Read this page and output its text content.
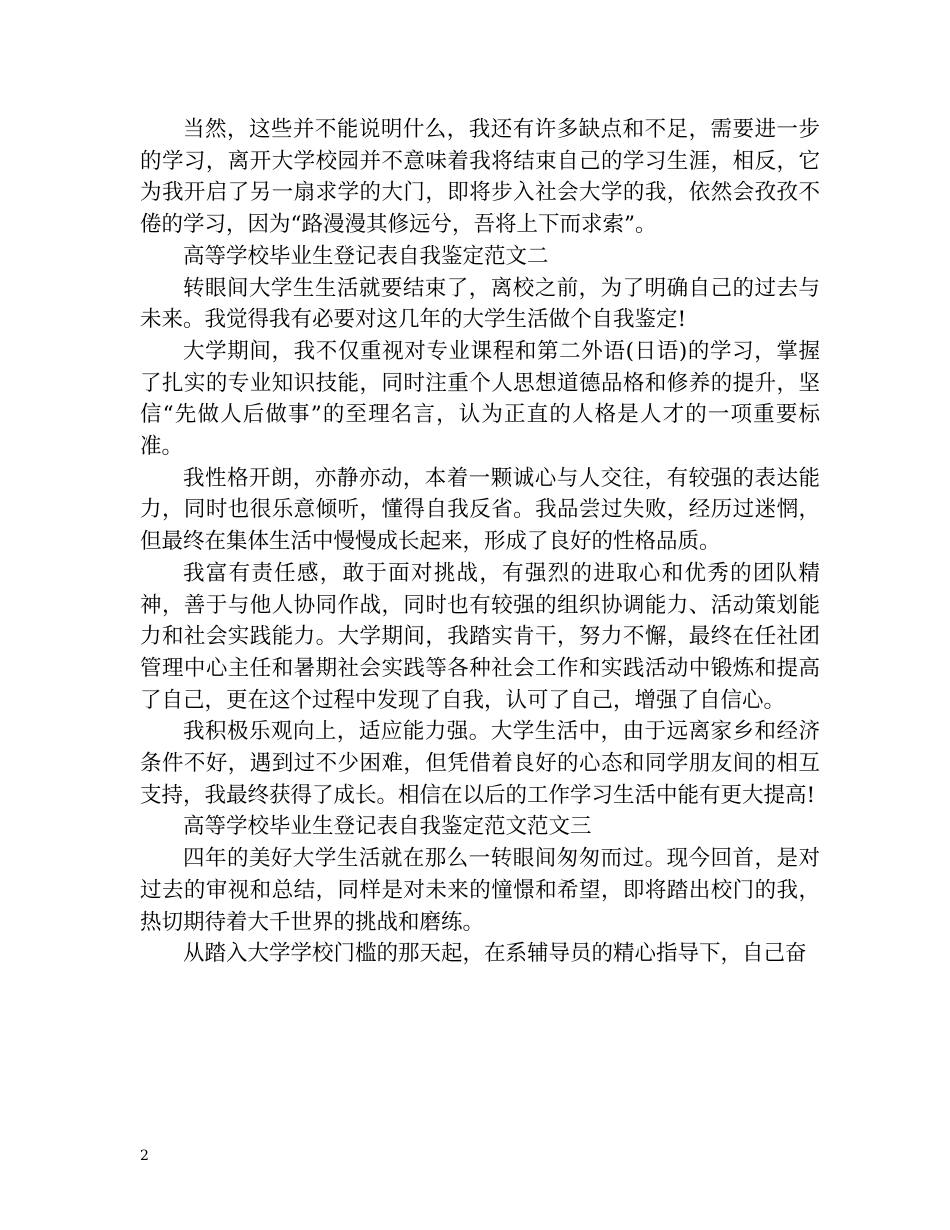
当然，这些并不能说明什么，我还有许多缺点和不足，需要进一步的学习，离开大学校园并不意味着我将结束自己的学习生涯，相反，它为我开启了另一扇求学的大门，即将步入社会大学的我，依然会孜孜不倦的学习，因为“路漫漫其修远兮，吾将上下而求索”。

高等学校毕业生登记表自我鉴定范文二

转眼间大学生生活就要结束了，离校之前，为了明确自己的过去与未来。我觉得我有必要对这几年的大学生活做个自我鉴定!

大学期间，我不仅重视对专业课程和第二外语(日语)的学习，掌握了扎实的专业知识技能，同时注重个人思想道德品格和修养的提升，坚信“先做人后做事”的至理名言，认为正直的人格是人才的一项重要标准。

我性格开朗，亦静亦动，本着一颗诚心与人交往，有较强的表达能力，同时也很乐意倾听，懂得自我反省。我品尝过失败，经历过迷惘，但最终在集体生活中慢慢成长起来，形成了良好的性格品质。

我富有责任感，敢于面对挑战，有强烈的进取心和优秀的团队精神，善于与他人协同作战，同时也有较强的组织协调能力、活动策划能力和社会实践能力。大学期间，我踏实肯干，努力不懈，最终在任社团管理中心主任和暑期社会实践等各种社会工作和实践活动中锻炼和提高了自己，更在这个过程中发现了自我，认可了自己，增强了自信心。

我积极乐观向上，适应能力强。大学生活中，由于远离家乡和经济条件不好，遇到过不少困难，但凭借着良好的心态和同学朋友间的相互支持，我最终获得了成长。相信在以后的工作学习生活中能有更大提高!

高等学校毕业生登记表自我鉴定范文范文三

四年的美好大学生活就在那么一转眼间匆匆而过。现今回首，是对过去的审视和总结，同样是对未来的憧憬和希望，即将踏出校门的我，热切期待着大千世界的挑战和磨练。

从踏入大学学校门槛的那天起，在系辅导员的精心指导下，自己奋

2
